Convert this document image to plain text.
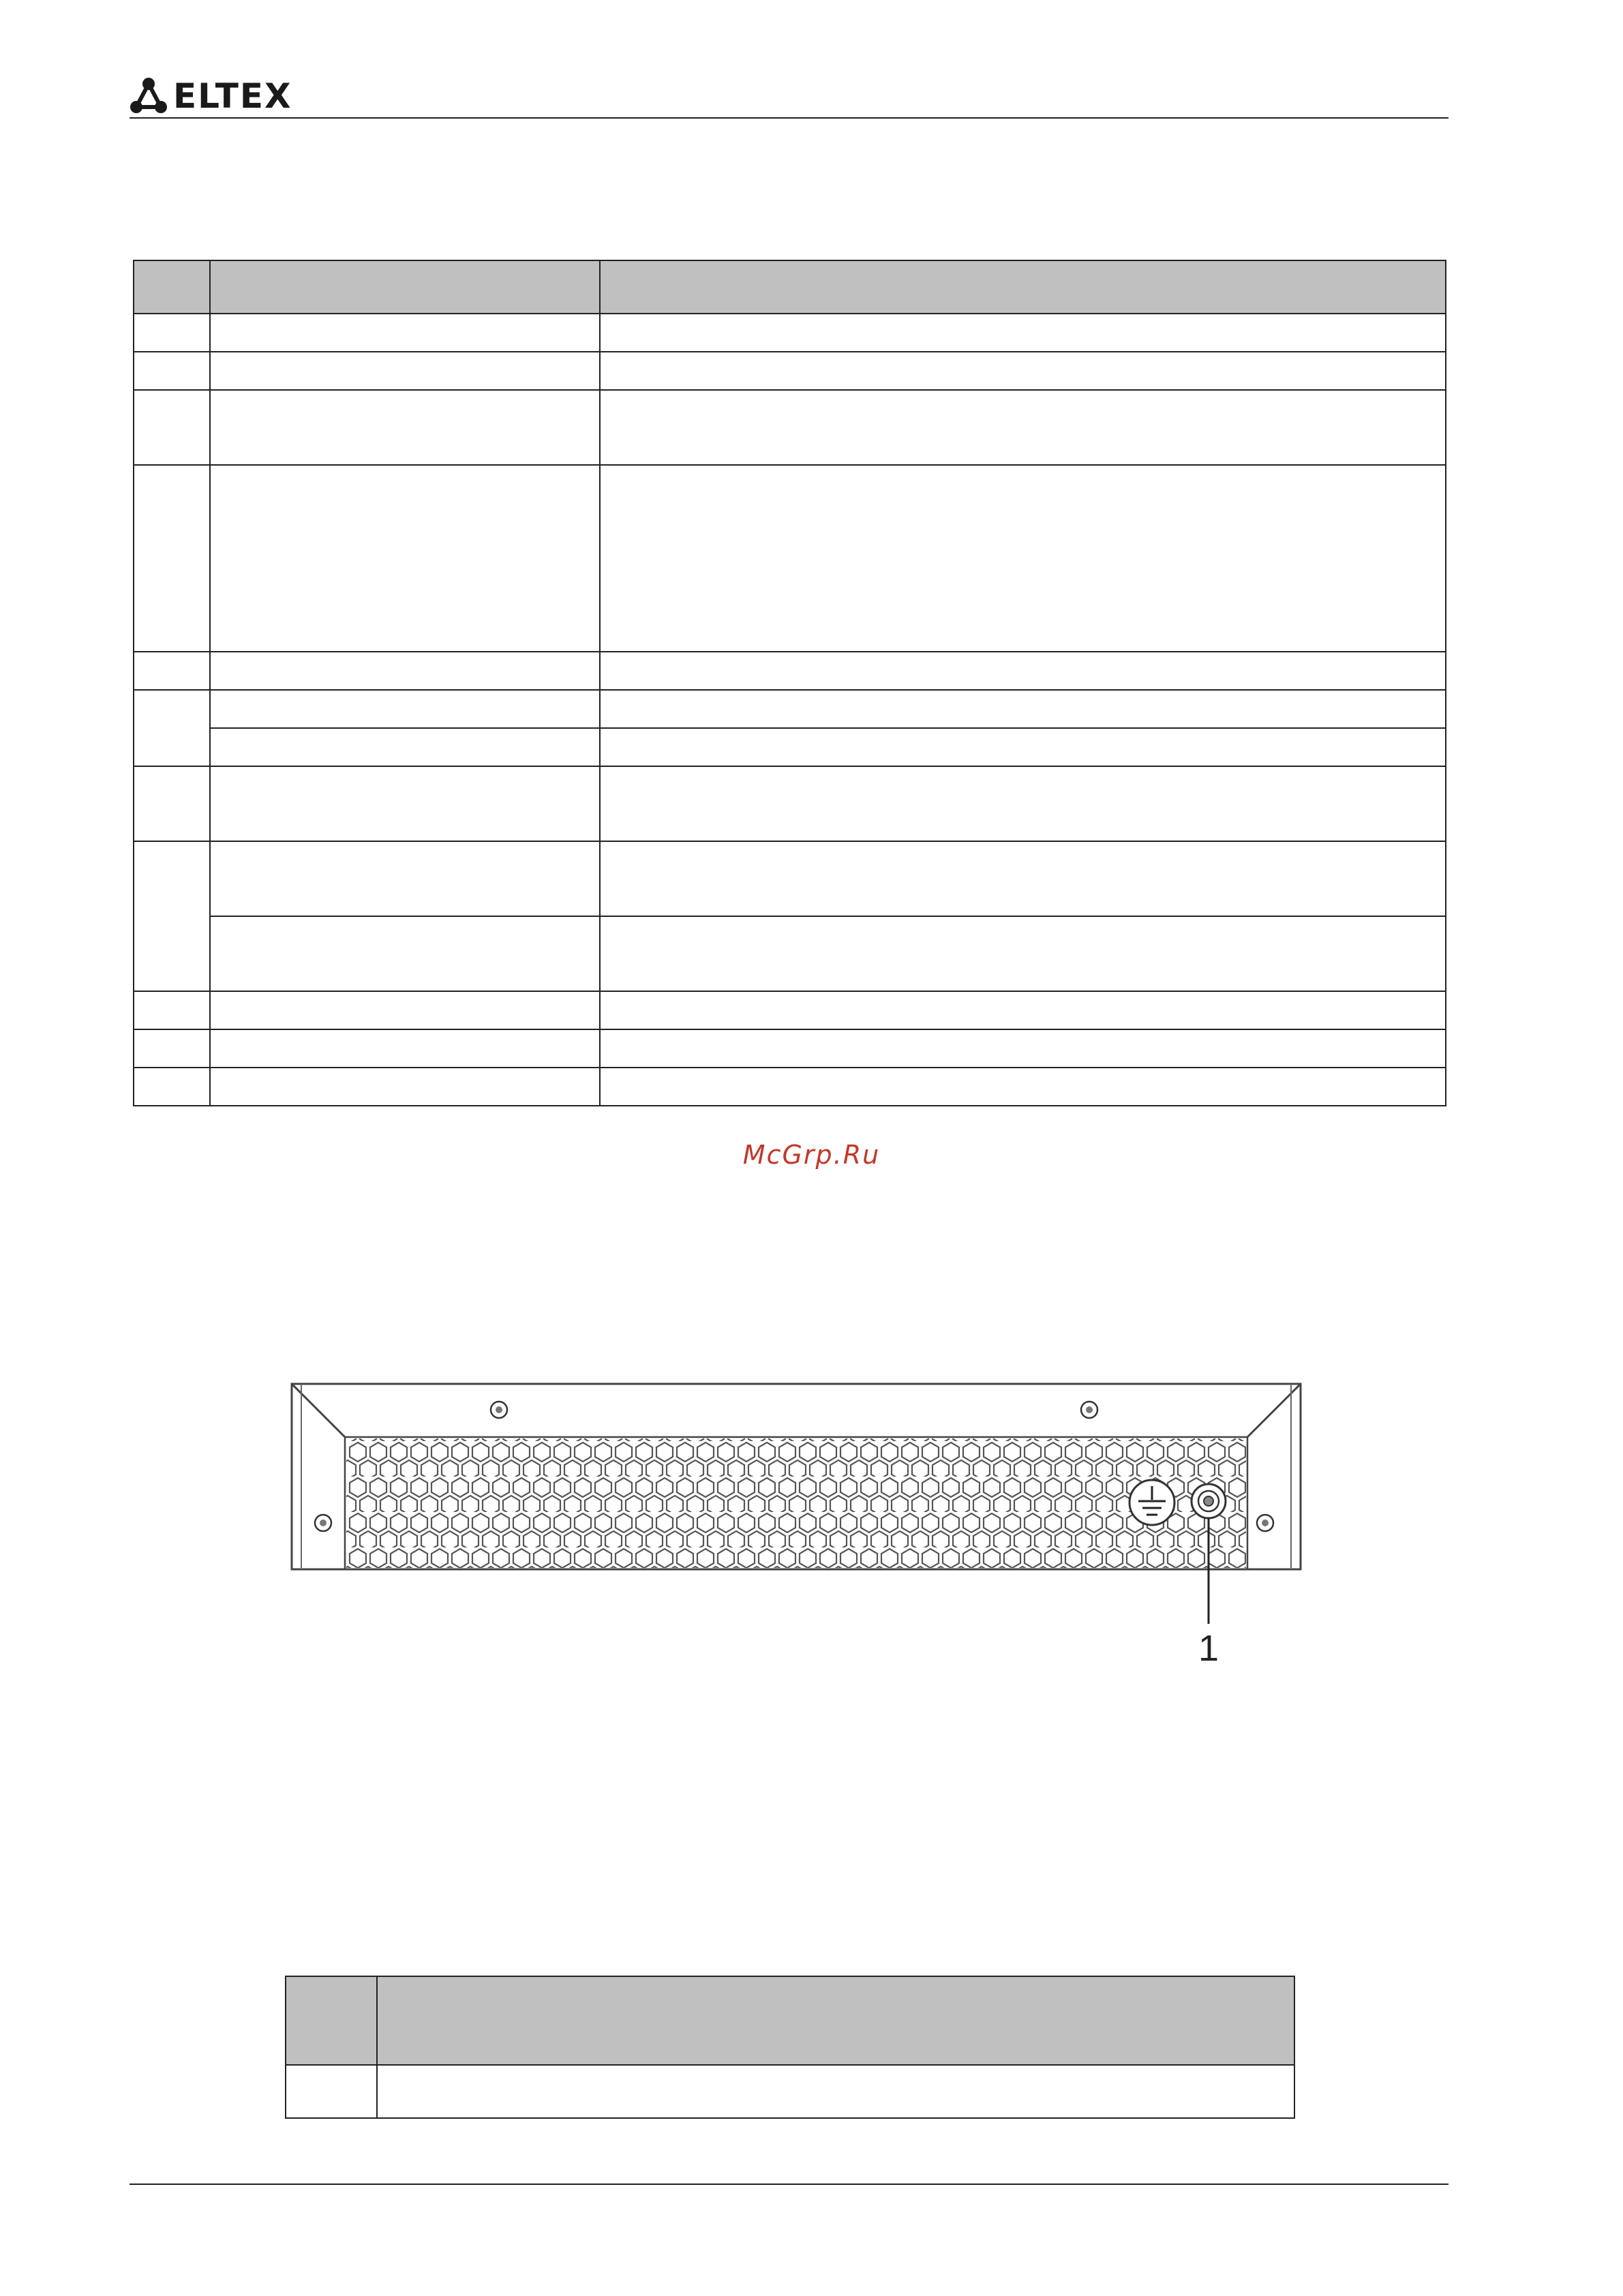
ELTEX

McGrp.Ru
1
